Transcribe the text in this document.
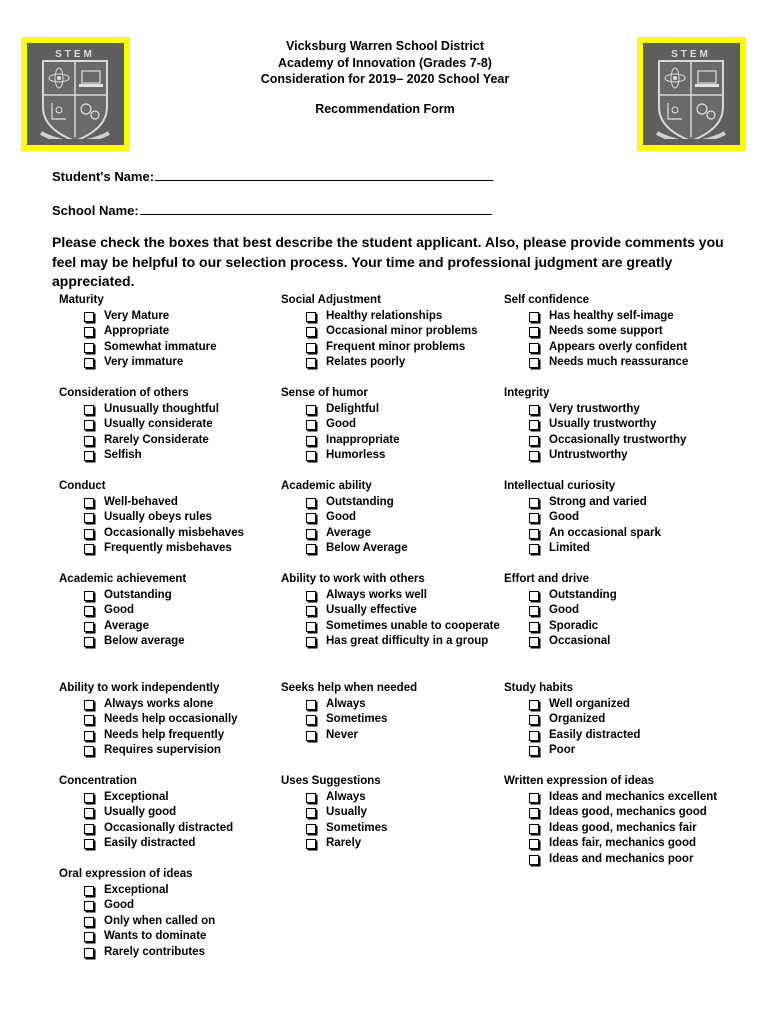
STEM	STEM
Vicksburg Warren School District
Academy of Innovation (Grades 7-8)
Consideration for 2019– 2020 School Year
Recommendation Form
Student's Name:
School Name:
Please check the boxes that best describe the student applicant. Also, please provide comments you feel may be helpful to our selection process. Your time and professional judgment are greatly appreciated.
Maturity
Very Mature
Appropriate
Somewhat immature
Very immature
Consideration of others
Unusually thoughtful
Usually considerate
Rarely Considerate
Selfish
Conduct
Well-behaved
Usually obeys rules
Occasionally misbehaves
Frequently misbehaves
Academic achievement
Outstanding
Good
Average
Below average
Ability to work independently
Always works alone
Needs help occasionally
Needs help frequently
Requires supervision
Concentration
Exceptional
Usually good
Occasionally distracted
Easily distracted
Oral expression of ideas
Exceptional
Good
Only when called on
Wants to dominate
Rarely contributes
Social Adjustment
Healthy relationships
Occasional minor problems
Frequent minor problems
Relates poorly
Sense of humor
Delightful
Good
Inappropriate
Humorless
Academic ability
Outstanding
Good
Average
Below Average
Ability to work with others
Always works well
Usually effective
Sometimes unable to cooperate
Has great difficulty in a group
Seeks help when needed
Always
Sometimes
Never
Uses Suggestions
Always
Usually
Sometimes
Rarely
Self confidence
Has healthy self-image
Needs some support
Appears overly confident
Needs much reassurance
Integrity
Very trustworthy
Usually trustworthy
Occasionally trustworthy
Untrustworthy
Intellectual curiosity
Strong and varied
Good
An occasional spark
Limited
Effort and drive
Outstanding
Good
Sporadic
Occasional
Study habits
Well organized
Organized
Easily distracted
Poor
Written expression of ideas
Ideas and mechanics excellent
Ideas good, mechanics good
Ideas good, mechanics fair
Ideas fair, mechanics good
Ideas and mechanics poor
